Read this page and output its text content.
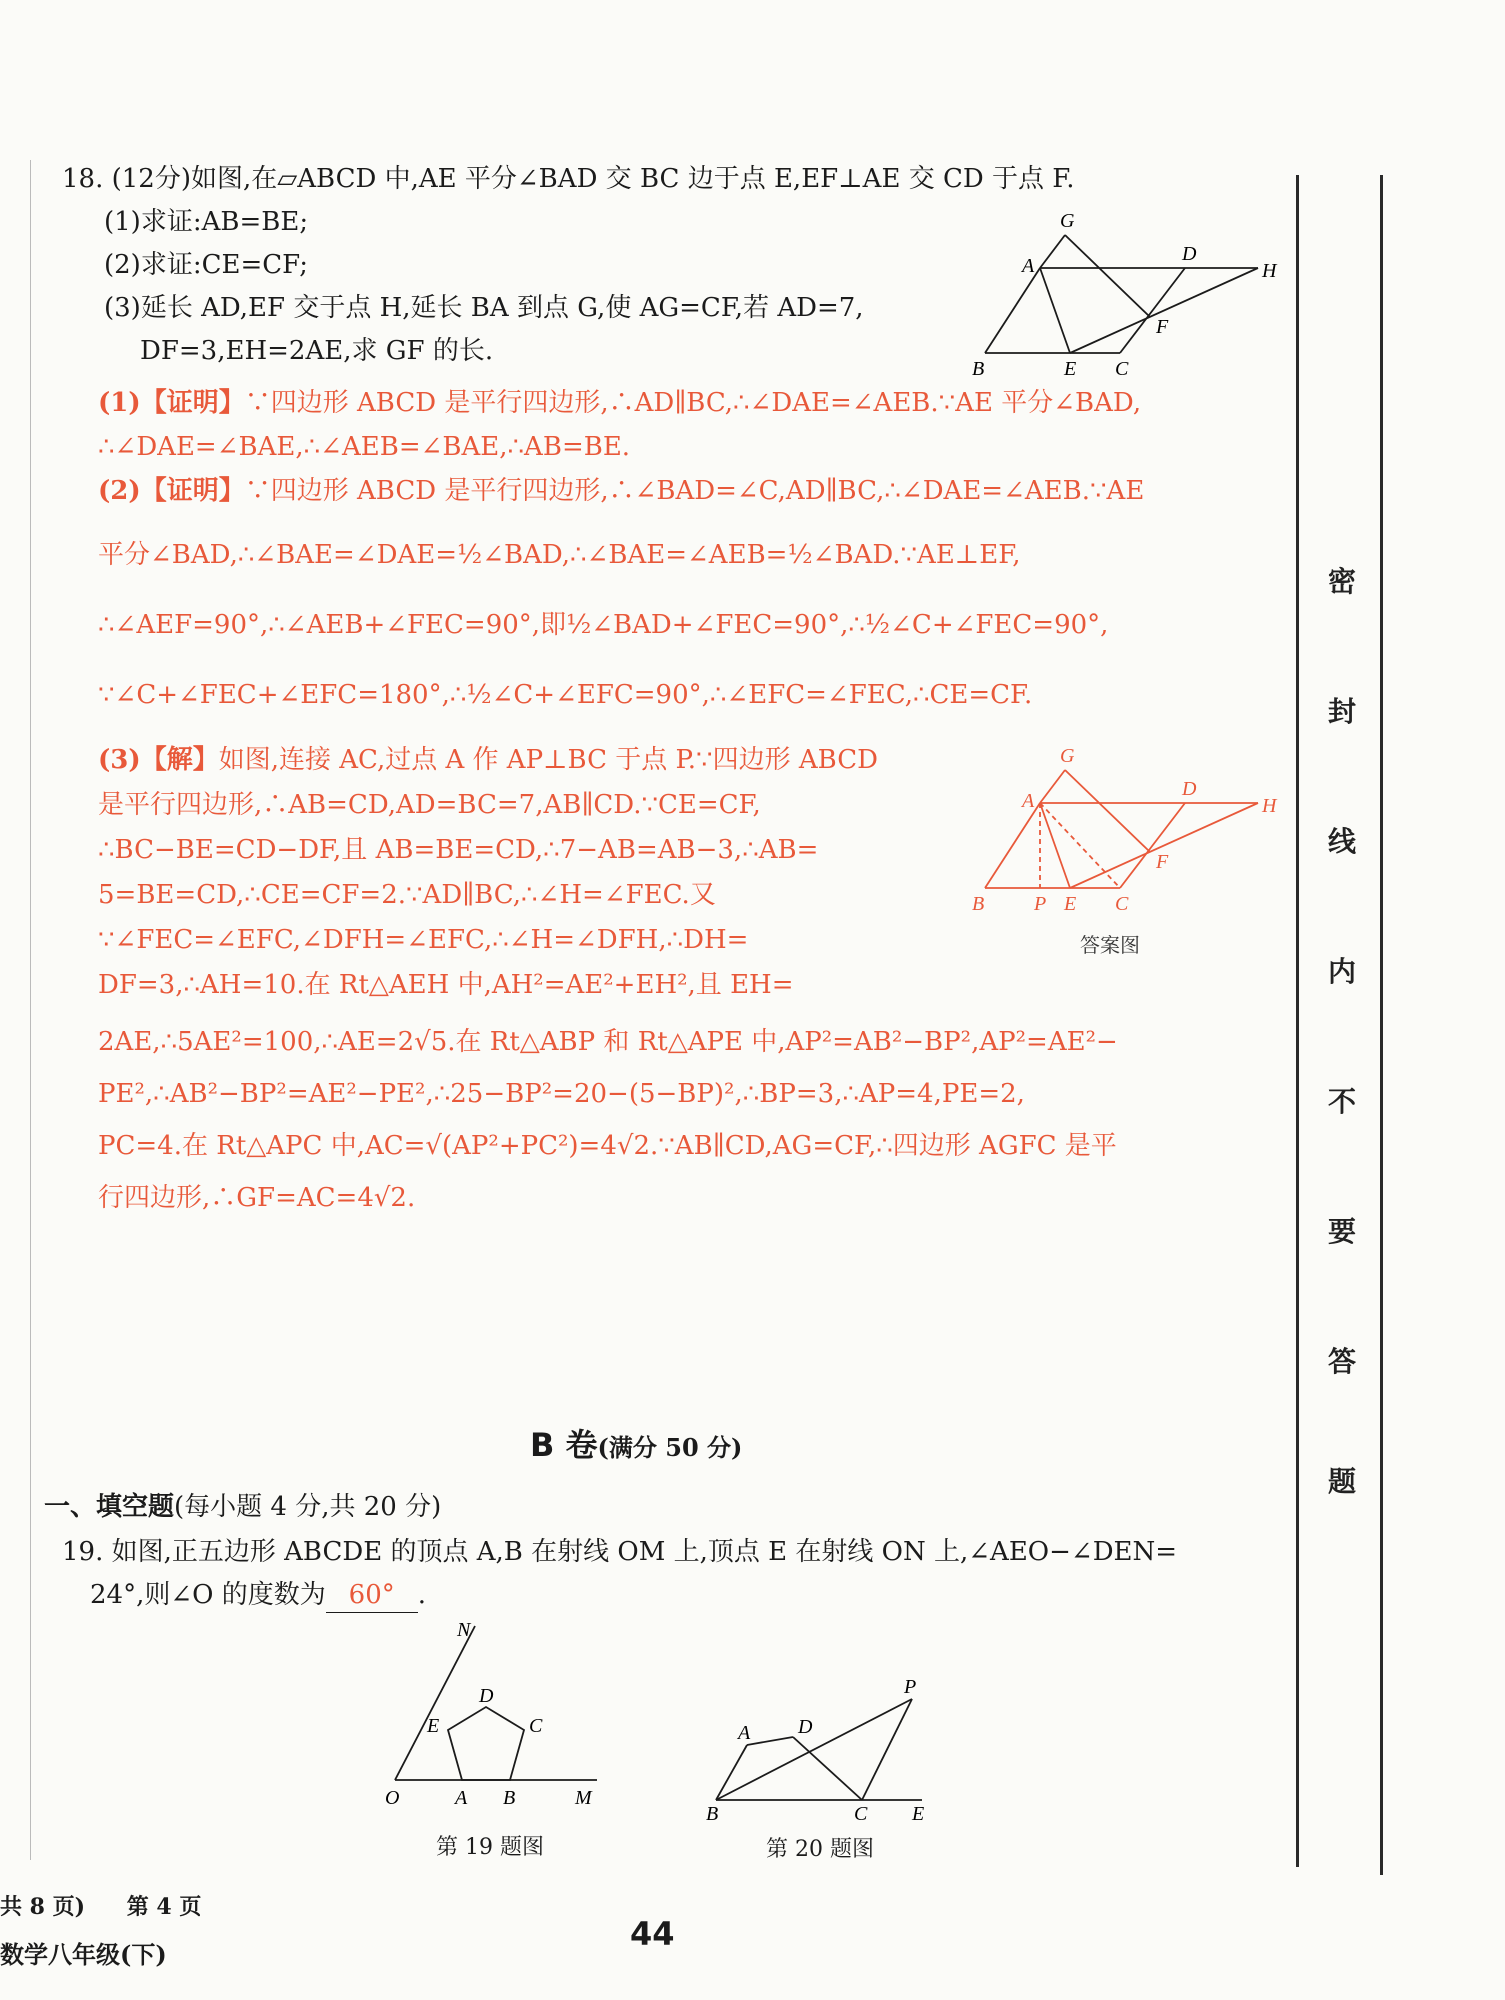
18. (12分)如图,在▱ABCD 中,AE 平分∠BAD 交 BC 边于点 E,EF⊥AE 交 CD 于点 F.
(1)求证:AB=BE;
(2)求证:CE=CF;
(3)延长 AD,EF 交于点 H,延长 BA 到点 G,使 AG=CF,若 AD=7,
DF=3,EH=2AE,求 GF 的长.
G
A
D
H
F
B	E C
(1)【证明】∵四边形 ABCD 是平行四边形,∴AD∥BC,∴∠DAE=∠AEB.∵AE 平分∠BAD,
∴∠DAE=∠BAE,∴∠AEB=∠BAE,∴AB=BE.
(2)【证明】∵四边形 ABCD 是平行四边形,∴∠BAD=∠C,AD∥BC,∴∠DAE=∠AEB.∵AE
平分∠BAD,∴∠BAE=∠DAE=½∠BAD,∴∠BAE=∠AEB=½∠BAD.∵AE⊥EF,
∴∠AEF=90°,∴∠AEB+∠FEC=90°,即½∠BAD+∠FEC=90°,∴½∠C+∠FEC=90°,
∵∠C+∠FEC+∠EFC=180°,∴½∠C+∠EFC=90°,∴∠EFC=∠FEC,∴CE=CF.
(3)【解】如图,连接 AC,过点 A 作 AP⊥BC 于点 P.∵四边形 ABCD
是平行四边形,∴AB=CD,AD=BC=7,AB∥CD.∵CE=CF,
∴BC−BE=CD−DF,且 AB=BE=CD,∴7−AB=AB−3,∴AB=
5=BE=CD,∴CE=CF=2.∵AD∥BC,∴∠H=∠FEC.又
∵∠FEC=∠EFC,∠DFH=∠EFC,∴∠H=∠DFH,∴DH=
DF=3,∴AH=10.在 Rt△AEH 中,AH²=AE²+EH²,且 EH=
2AE,∴5AE²=100,∴AE=2√5.在 Rt△ABP 和 Rt△APE 中,AP²=AB²−BP²,AP²=AE²−
PE²,∴AB²−BP²=AE²−PE²,∴25−BP²=20−(5−BP)²,∴BP=3,∴AP=4,PE=2,
PC=4.在 Rt△APC 中,AC=√(AP²+PC²)=4√2.∵AB∥CD,AG=CF,∴四边形 AGFC 是平
行四边形,∴GF=AC=4√2.
G
A
D
H
F
B P E C
答案图
B 卷(满分 50 分)
一、填空题(每小题 4 分,共 20 分)
19. 如图,正五边形 ABCDE 的顶点 A,B 在射线 OM 上,顶点 E 在射线 ON 上,∠AEO−∠DEN=
24°,则∠O 的度数为 60° .
N
D
E	C
O	A B	M
第 19 题图
P
A D
B	C E
第 20 题图
密
封
线
内
不
要
答
题
共 8 页) 第 4 页
数学八年级(下)
44
